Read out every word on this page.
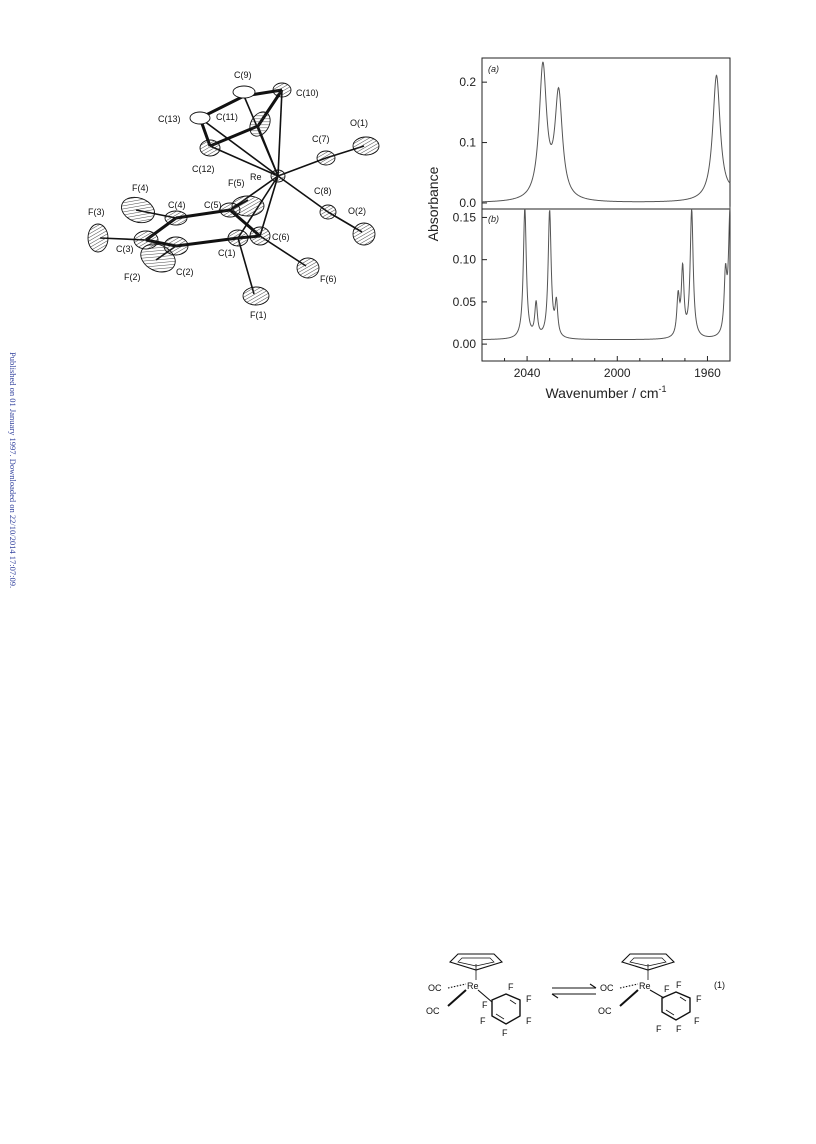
Published on 01 January 1997. Downloaded on 22/10/2014 17:07:09.
C(9)
C(10)
C(13)	C(11)
C(7)
O(1)
C(12)
Re
F(5)
C(8)
F(4)
C(4) C(5)
O(2)
F(3)
C(3)
C(6)
F(2)	C(2)
C(1)
F(6)
F(1)
(a)
(b)
Absorbance
Wavenumber / $cm^{-1}$
0.0
0.1
0.2
0.00
0.05
0.10
0.15
2040	2000	1960
OC
OC
Re	F
F
F
F
F
F
OC
OC
Re F F
F
F
F
F
(1)
